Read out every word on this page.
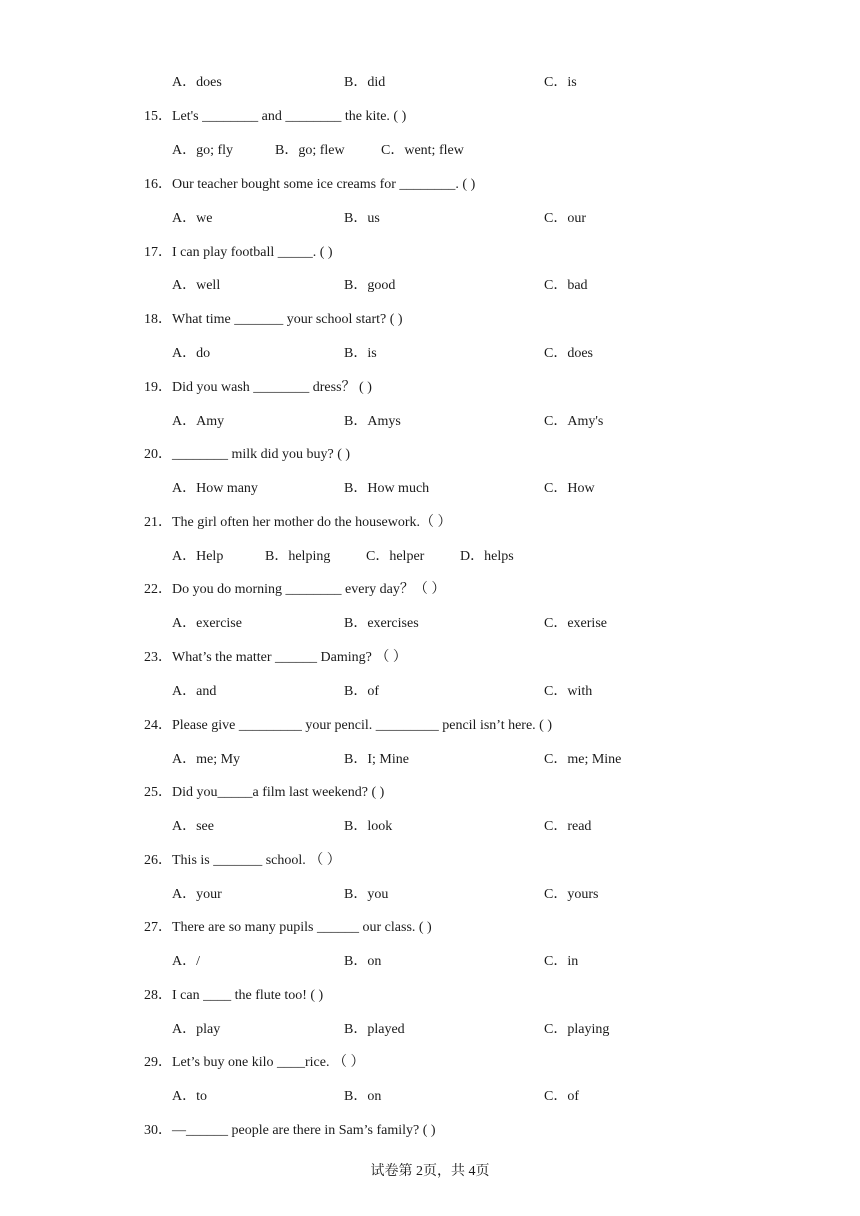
A．does	B．did	C．is
15．Let's ________ and ________ the kite. ( )
A．go; fly	B．go; flew	C．went; flew
16．Our teacher bought some ice creams for ________. ( )
A．we	B．us	C．our
17．I can play football _____. ( )
A．well	B．good	C．bad
18．What time _______ your school start? ( )
A．do	B．is	C．does
19．Did you wash ________ dress？ ( )
A．Amy	B．Amys	C．Amy's
20．________ milk did you buy? ( )
A．How many	B．How much	C．How
21．The girl often her mother do the housework.（ ）
A．Help	B．helping	C．helper	D．helps
22．Do you do morning ________ every day？（ ）
A．exercise	B．exercises	C．exerise
23．What’s the matter ______ Daming? （ ）
A．and	B．of	C．with
24．Please give _________ your pencil. _________ pencil isn’t here. ( )
A．me; My	B．I; Mine	C．me; Mine
25．Did you_____a film last weekend? ( )
A．see	B．look	C．read
26．This is _______ school. （ ）
A．your	B．you	C．yours
27．There are so many pupils ______ our class. ( )
A．/	B．on	C．in
28．I can ____ the flute too! ( )
A．play	B．played	C．playing
29．Let’s buy one kilo ____rice. （ ）
A．to	B．on	C．of
30．—______ people are there in Sam’s family? ( )
试卷第 2页，共 4页
